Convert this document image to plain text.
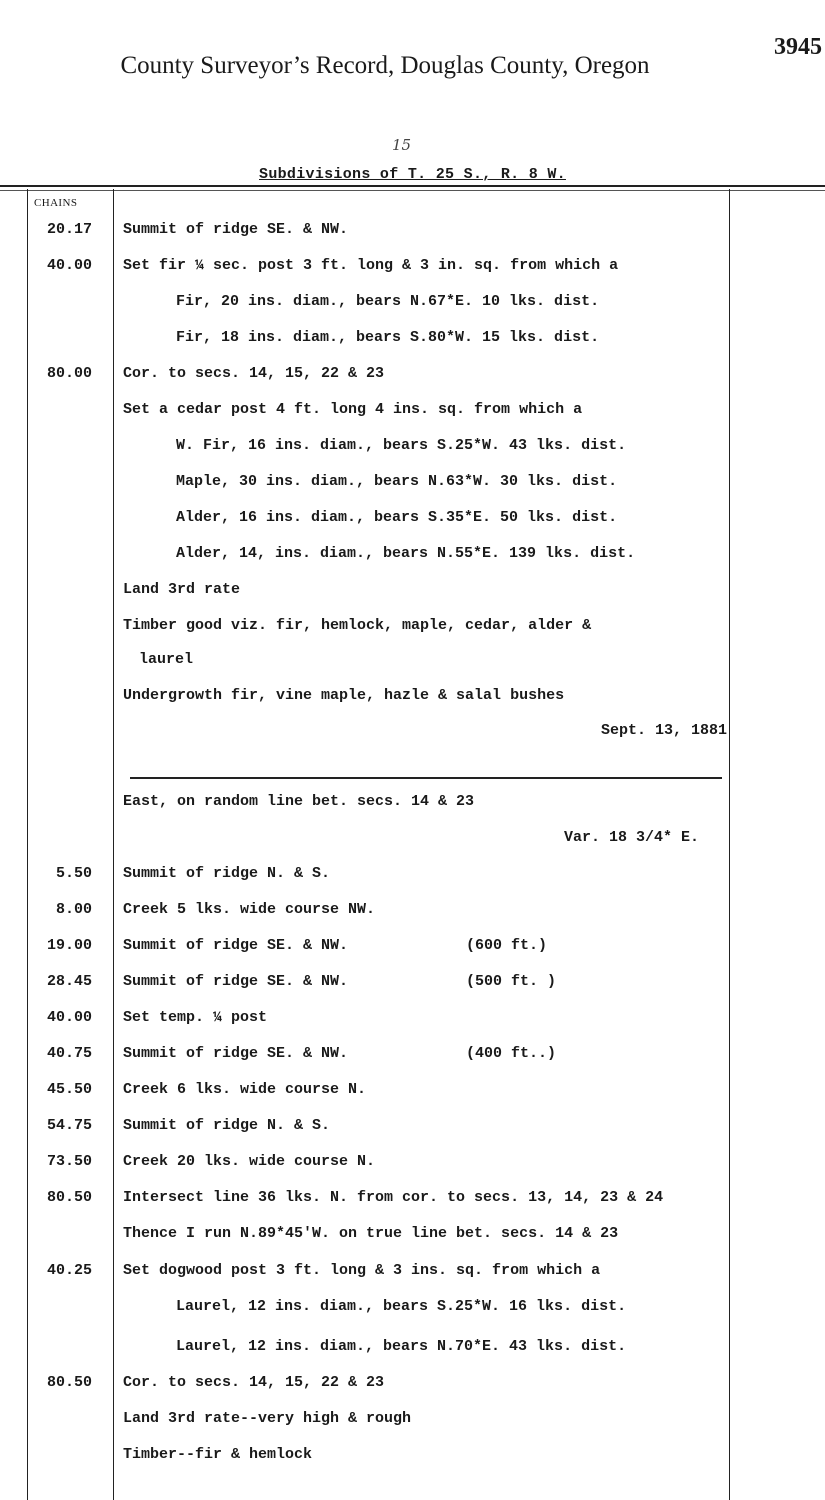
County Surveyor’s Record, Douglas County, Oregon
3945
15
Subdivisions of T. 25 S., R. 8 W.
CHAINS
20.17 Summit of ridge SE. & NW.
40.00 Set fir ¼ sec. post 3 ft. long & 3 in. sq. from which a
Fir, 20 ins. diam., bears N.67*E. 10 lks. dist.
Fir, 18 ins. diam., bears S.80*W. 15 lks. dist.
80.00 Cor. to secs. 14, 15, 22 & 23
Set a cedar post 4 ft. long 4 ins. sq. from which a
W. Fir, 16 ins. diam., bears S.25*W. 43 lks. dist.
Maple, 30 ins. diam., bears N.63*W. 30 lks. dist.
Alder, 16 ins. diam., bears S.35*E. 50 lks. dist.
Alder, 14, ins. diam., bears N.55*E. 139 lks. dist.
Land 3rd rate
Timber good viz. fir, hemlock, maple, cedar, alder &
laurel
Undergrowth fir, vine maple, hazle & salal bushes
Sept. 13, 1881
East, on random line bet. secs. 14 & 23
Var. 18 3/4* E.
5.50 Summit of ridge N. & S.
8.00 Creek 5 lks. wide course NW.
19.00 Summit of ridge SE. & NW.	(600 ft.)
28.45 Summit of ridge SE. & NW.	(500 ft. )
40.00 Set temp. ¼ post
40.75 Summit of ridge SE. & NW.	(400 ft..)
45.50 Creek 6 lks. wide course N.
54.75 Summit of ridge N. & S.
73.50 Creek 20 lks. wide course N.
80.50 Intersect line 36 lks. N. from cor. to secs. 13, 14, 23 & 24
Thence I run N.89*45'W. on true line bet. secs. 14 & 23
40.25 Set dogwood post 3 ft. long & 3 ins. sq. from which a
Laurel, 12 ins. diam., bears S.25*W. 16 lks. dist.
Laurel, 12 ins. diam., bears N.70*E. 43 lks. dist.
80.50 Cor. to secs. 14, 15, 22 & 23
Land 3rd rate--very high & rough
Timber--fir & hemlock
